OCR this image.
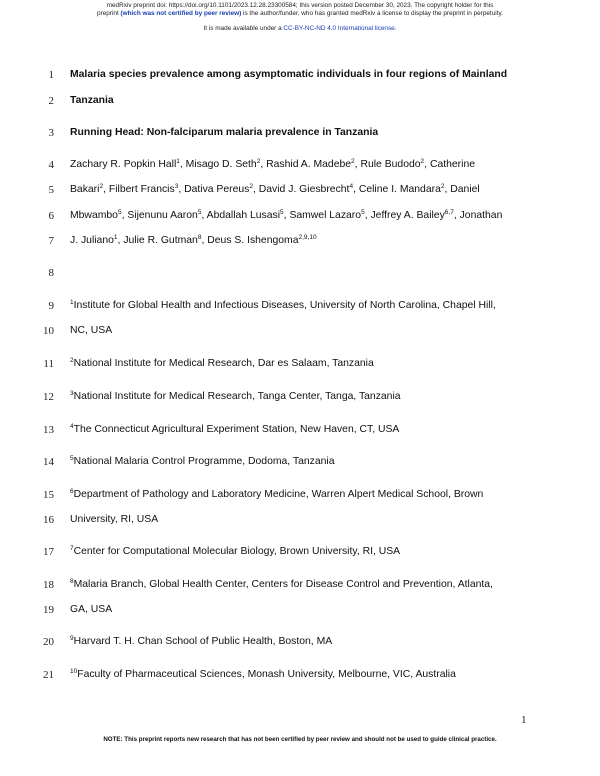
medRxiv preprint doi: https://doi.org/10.1101/2023.12.28.23300584; this version posted December 30, 2023. The copyright holder for this
preprint (which was not certified by peer review) is the author/funder, who has granted medRxiv a license to display the preprint in perpetuity.
It is made available under a CC-BY-NC-ND 4.0 International license.
1 Malaria species prevalence among asymptomatic individuals in four regions of Mainland
2 Tanzania
3 Running Head: Non-falciparum malaria prevalence in Tanzania
4 Zachary R. Popkin Hall$^1$, Misago D. Seth$^2$, Rashid A. Madebe$^2$, Rule Budodo$^2$, Catherine
5 Bakari$^2$, Filbert Francis$^3$, Dativa Pereus$^2$, David J. Giesbrecht$^4$, Celine I. Mandara$^2$, Daniel
6 Mbwambo$^5$, Sijenunu Aaron$^5$, Abdallah Lusasi$^5$, Samwel Lazaro$^5$, Jeffrey A. Bailey$^{6,7}$, Jonathan
7 J. Juliano$^1$, Julie R. Gutman$^8$, Deus S. Ishengoma$^{2,9,10}$
8
9 $^1$Institute for Global Health and Infectious Diseases, University of North Carolina, Chapel Hill,
10 NC, USA
11 $^2$National Institute for Medical Research, Dar es Salaam, Tanzania
12 $^3$National Institute for Medical Research, Tanga Center, Tanga, Tanzania
13 $^4$The Connecticut Agricultural Experiment Station, New Haven, CT, USA
14 $^5$National Malaria Control Programme, Dodoma, Tanzania
15 $^6$Department of Pathology and Laboratory Medicine, Warren Alpert Medical School, Brown
16 University, RI, USA
17 $^7$Center for Computational Molecular Biology, Brown University, RI, USA
18 $^8$Malaria Branch, Global Health Center, Centers for Disease Control and Prevention, Atlanta,
19 GA, USA
20 $^9$Harvard T. H. Chan School of Public Health, Boston, MA
21 $^{10}$Faculty of Pharmaceutical Sciences, Monash University, Melbourne, VIC, Australia
1
NOTE: This preprint reports new research that has not been certified by peer review and should not be used to guide clinical practice.
